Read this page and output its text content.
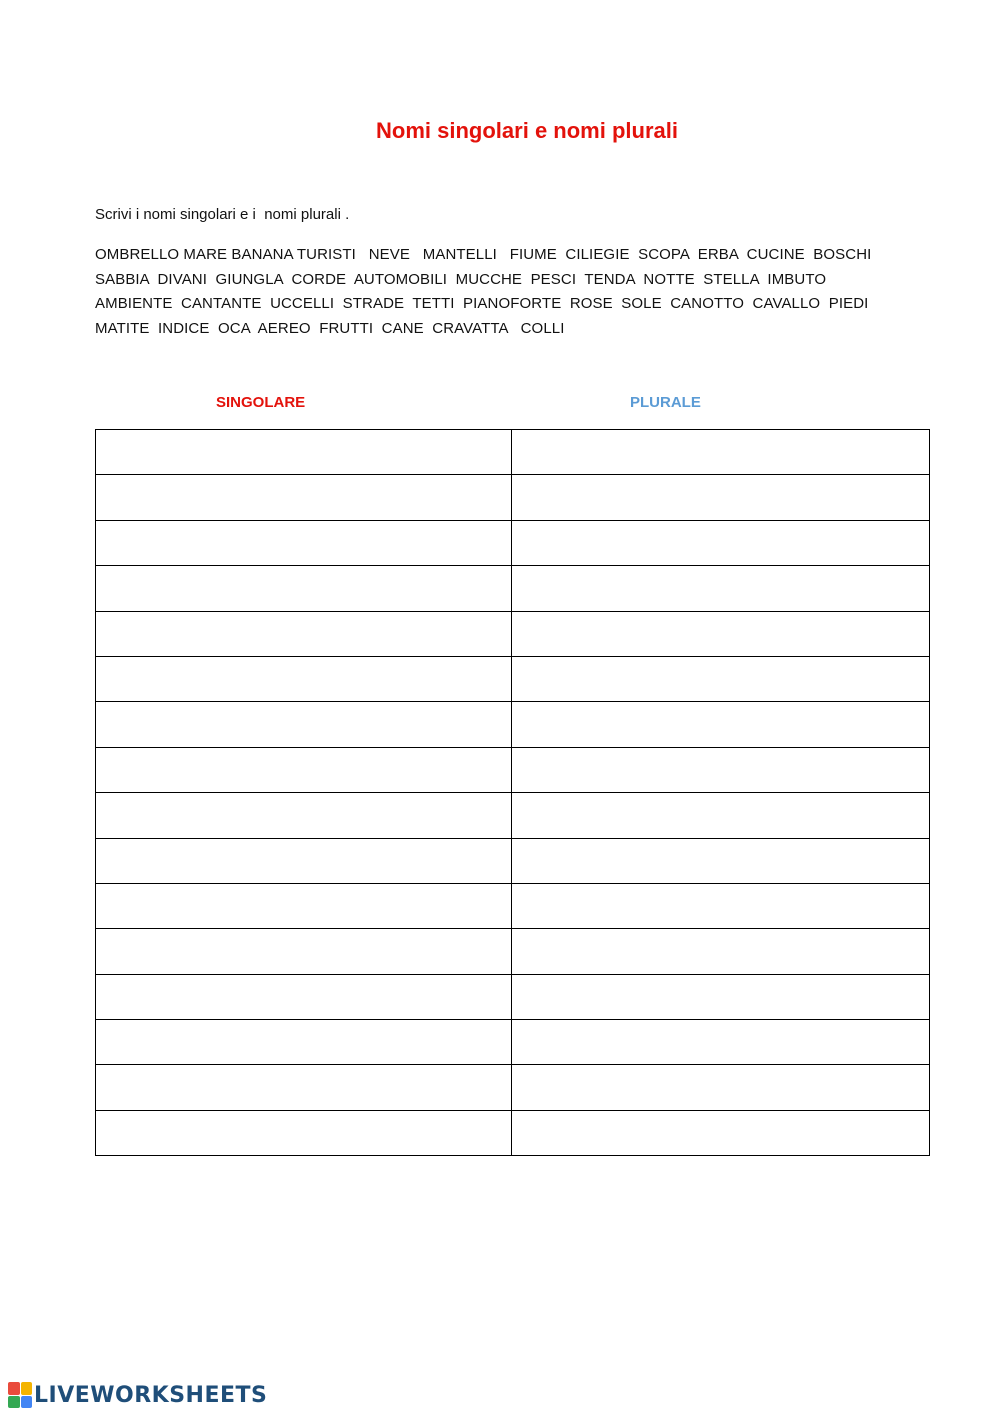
Nomi singolari e nomi plurali
Scrivi i nomi singolari e i  nomi plurali .
OMBRELLO MARE BANANA TURISTI   NEVE   MANTELLI   FIUME  CILIEGIE  SCOPA  ERBA  CUCINE  BOSCHI
SABBIA  DIVANI  GIUNGLA  CORDE  AUTOMOBILI  MUCCHE  PESCI  TENDA  NOTTE  STELLA  IMBUTO
AMBIENTE  CANTANTE  UCCELLI  STRADE  TETTI  PIANOFORTE  ROSE  SOLE  CANOTTO  CAVALLO  PIEDI
MATITE  INDICE  OCA  AEREO  FRUTTI  CANE  CRAVATTA   COLLI
SINGOLARE	PLURALE

LIVEWORKSHEETS
